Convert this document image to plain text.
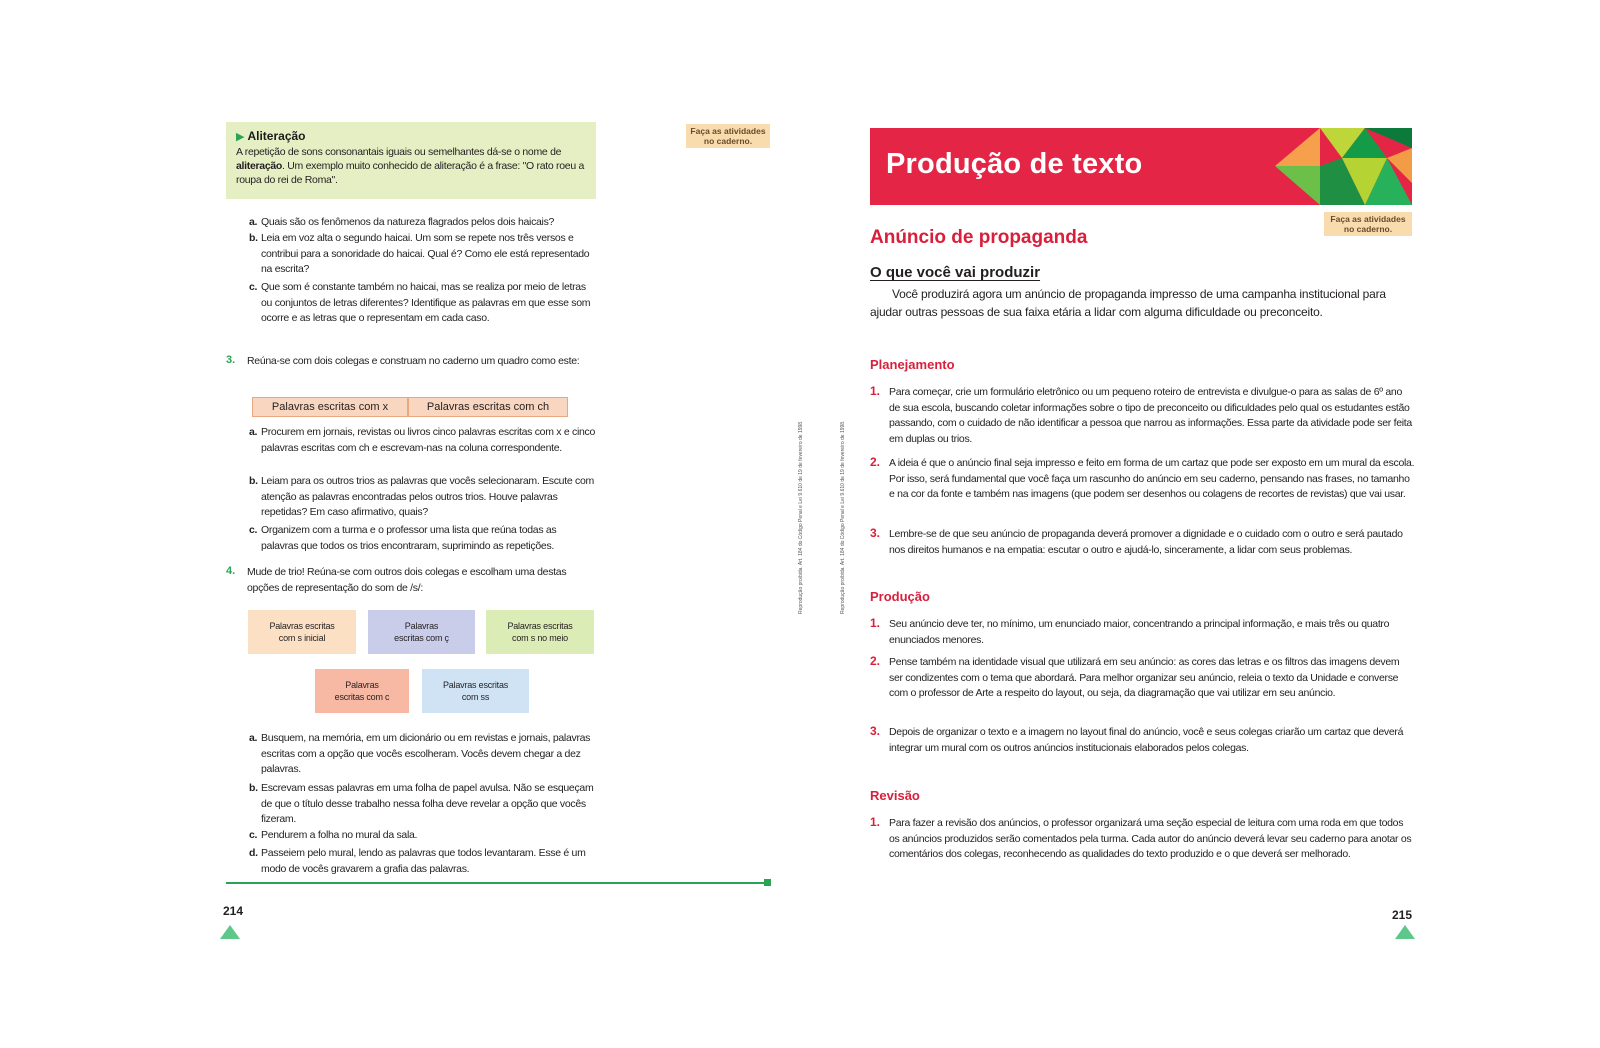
▶ Aliteração
A repetição de sons consonantais iguais ou semelhantes dá-se o nome de aliteração. Um exemplo muito conhecido de aliteração é a frase: "O rato roeu a roupa do rei de Roma".
Faça as atividades no caderno.
a. Quais são os fenômenos da natureza flagrados pelos dois haicais?
b. Leia em voz alta o segundo haicai. Um som se repete nos três versos e contribui para a sonoridade do haicai. Qual é? Como ele está representado na escrita?
c. Que som é constante também no haicai, mas se realiza por meio de letras ou conjuntos de letras diferentes? Identifique as palavras em que esse som ocorre e as letras que o representam em cada caso.
3. Reúna-se com dois colegas e construam no caderno um quadro como este:
Palavras escritas com x	Palavras escritas com ch
a. Procurem em jornais, revistas ou livros cinco palavras escritas com x e cinco palavras escritas com ch e escrevam-nas na coluna correspondente.
b. Leiam para os outros trios as palavras que vocês selecionaram. Escute com atenção as palavras encontradas pelos outros trios. Houve palavras repetidas? Em caso afirmativo, quais?
c. Organizem com a turma e o professor uma lista que reúna todas as palavras que todos os trios encontraram, suprimindo as repetições.
4. Mude de trio! Reúna-se com outros dois colegas e escolham uma destas opções de representação do som de /s/:
Palavras escritas com s inicial
Palavras escritas com ç
Palavras escritas com s no meio
Palavras escritas com c
Palavras escritas com ss
a. Busquem, na memória, em um dicionário ou em revistas e jornais, palavras escritas com a opção que vocês escolheram. Vocês devem chegar a dez palavras.
b. Escrevam essas palavras em uma folha de papel avulsa. Não se esqueçam de que o título desse trabalho nessa folha deve revelar a opção que vocês fizeram.
c. Pendurem a folha no mural da sala.
d. Passeiem pelo mural, lendo as palavras que todos levantaram. Esse é um modo de vocês gravarem a grafia das palavras.
214
Reprodução proibida. Art. 184 do Código Penal e Lei 9.610 de 19 de fevereiro de 1998.	Reprodução proibida. Art. 184 do Código Penal e Lei 9.610 de 19 de fevereiro de 1998.
Produção de texto
Faça as atividades no caderno.
Anúncio de propaganda
O que você vai produzir
Você produzirá agora um anúncio de propaganda impresso de uma campanha institucional para ajudar outras pessoas de sua faixa etária a lidar com alguma dificuldade ou preconceito.
Planejamento
1. Para começar, crie um formulário eletrônico ou um pequeno roteiro de entrevista e divulgue-o para as salas de 6º ano de sua escola, buscando coletar informações sobre o tipo de preconceito ou dificuldades pelo qual os estudantes estão passando, com o cuidado de não identificar a pessoa que narrou as informações. Essa parte da atividade pode ser feita em duplas ou trios.
2. A ideia é que o anúncio final seja impresso e feito em forma de um cartaz que pode ser exposto em um mural da escola. Por isso, será fundamental que você faça um rascunho do anúncio em seu caderno, pensando nas frases, no tamanho e na cor da fonte e também nas imagens (que podem ser desenhos ou colagens de recortes de revistas) que vai usar.
3. Lembre-se de que seu anúncio de propaganda deverá promover a dignidade e o cuidado com o outro e será pautado nos direitos humanos e na empatia: escutar o outro e ajudá-lo, sinceramente, a lidar com seus problemas.
Produção
1. Seu anúncio deve ter, no mínimo, um enunciado maior, concentrando a principal informação, e mais três ou quatro enunciados menores.
2. Pense também na identidade visual que utilizará em seu anúncio: as cores das letras e os filtros das imagens devem ser condizentes com o tema que abordará. Para melhor organizar seu anúncio, releia o texto da Unidade e converse com o professor de Arte a respeito do layout, ou seja, da diagramação que vai utilizar em seu anúncio.
3. Depois de organizar o texto e a imagem no layout final do anúncio, você e seus colegas criarão um cartaz que deverá integrar um mural com os outros anúncios institucionais elaborados pelos colegas.
Revisão
1. Para fazer a revisão dos anúncios, o professor organizará uma seção especial de leitura com uma roda em que todos os anúncios produzidos serão comentados pela turma. Cada autor do anúncio deverá levar seu caderno para anotar os comentários dos colegas, reconhecendo as qualidades do texto produzido e o que deverá ser melhorado.
215
